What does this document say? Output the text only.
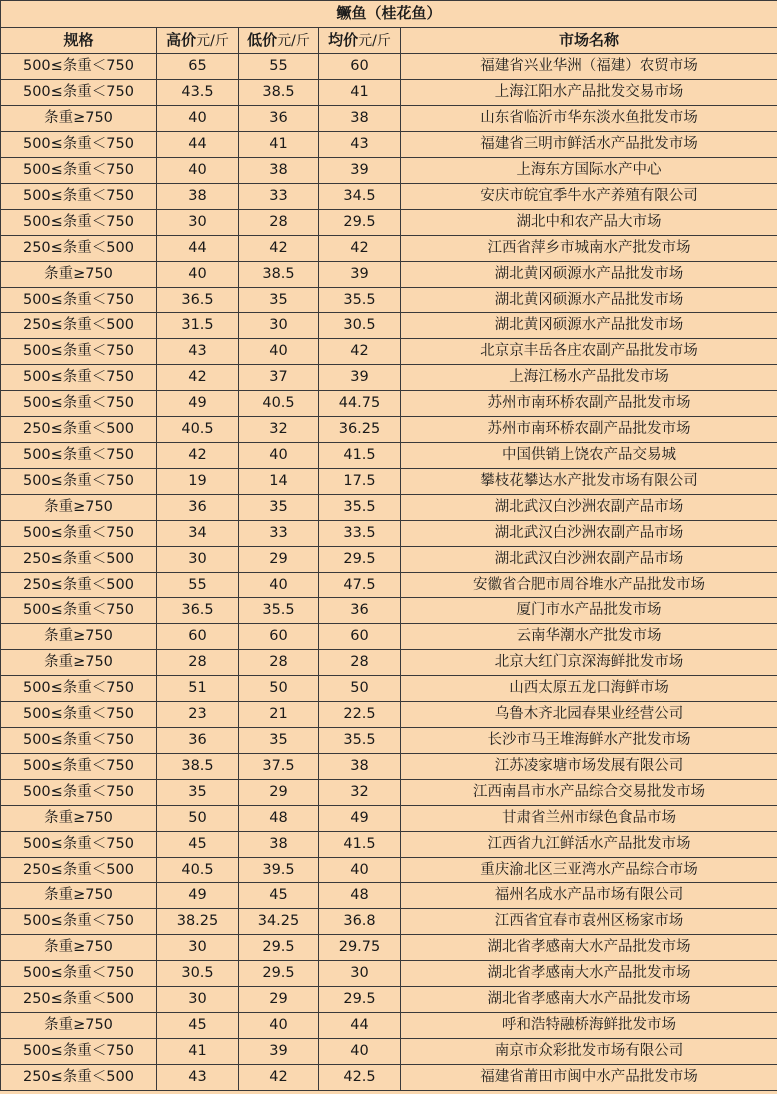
鳜鱼（桂花鱼）				
规格	高价元/斤	低价元/斤	均价元/斤	市场名称
500≤条重＜750	65	55	60	福建省兴业华洲（福建）农贸市场
500≤条重＜750	43.5	38.5	41	上海江阳水产品批发交易市场
条重≥750	40	36	38	山东省临沂市华东淡水鱼批发市场
500≤条重＜750	44	41	43	福建省三明市鲜活水产品批发市场
500≤条重＜750	40	38	39	上海东方国际水产中心
500≤条重＜750	38	33	34.5	安庆市皖宜季牛水产养殖有限公司
500≤条重＜750	30	28	29.5	湖北中和农产品大市场
250≤条重＜500	44	42	42	江西省萍乡市城南水产批发市场
条重≥750	40	38.5	39	湖北黄冈硕源水产品批发市场
500≤条重＜750	36.5	35	35.5	湖北黄冈硕源水产品批发市场
250≤条重＜500	31.5	30	30.5	湖北黄冈硕源水产品批发市场
500≤条重＜750	43	40	42	北京京丰岳各庄农副产品批发市场
500≤条重＜750	42	37	39	上海江杨水产品批发市场
500≤条重＜750	49	40.5	44.75	苏州市南环桥农副产品批发市场
250≤条重＜500	40.5	32	36.25	苏州市南环桥农副产品批发市场
500≤条重＜750	42	40	41.5	中国供销上饶农产品交易城
500≤条重＜750	19	14	17.5	攀枝花攀达水产批发市场有限公司
条重≥750	36	35	35.5	湖北武汉白沙洲农副产品市场
500≤条重＜750	34	33	33.5	湖北武汉白沙洲农副产品市场
250≤条重＜500	30	29	29.5	湖北武汉白沙洲农副产品市场
250≤条重＜500	55	40	47.5	安徽省合肥市周谷堆水产品批发市场
500≤条重＜750	36.5	35.5	36	厦门市水产品批发市场
条重≥750	60	60	60	云南华潮水产批发市场
条重≥750	28	28	28	北京大红门京深海鲜批发市场
500≤条重＜750	51	50	50	山西太原五龙口海鲜市场
500≤条重＜750	23	21	22.5	乌鲁木齐北园春果业经营公司
500≤条重＜750	36	35	35.5	长沙市马王堆海鲜水产批发市场
500≤条重＜750	38.5	37.5	38	江苏凌家塘市场发展有限公司
500≤条重＜750	35	29	32	江西南昌市水产品综合交易批发市场
条重≥750	50	48	49	甘肃省兰州市绿色食品市场
500≤条重＜750	45	38	41.5	江西省九江鲜活水产品批发市场
250≤条重＜500	40.5	39.5	40	重庆渝北区三亚湾水产品综合市场
条重≥750	49	45	48	福州名成水产品市场有限公司
500≤条重＜750	38.25	34.25	36.8	江西省宜春市袁州区杨家市场
条重≥750	30	29.5	29.75	湖北省孝感南大水产品批发市场
500≤条重＜750	30.5	29.5	30	湖北省孝感南大水产品批发市场
250≤条重＜500	30	29	29.5	湖北省孝感南大水产品批发市场
条重≥750	45	40	44	呼和浩特融桥海鲜批发市场
500≤条重＜750	41	39	40	南京市众彩批发市场有限公司
250≤条重＜500	43	42	42.5	福建省莆田市闽中水产品批发市场
